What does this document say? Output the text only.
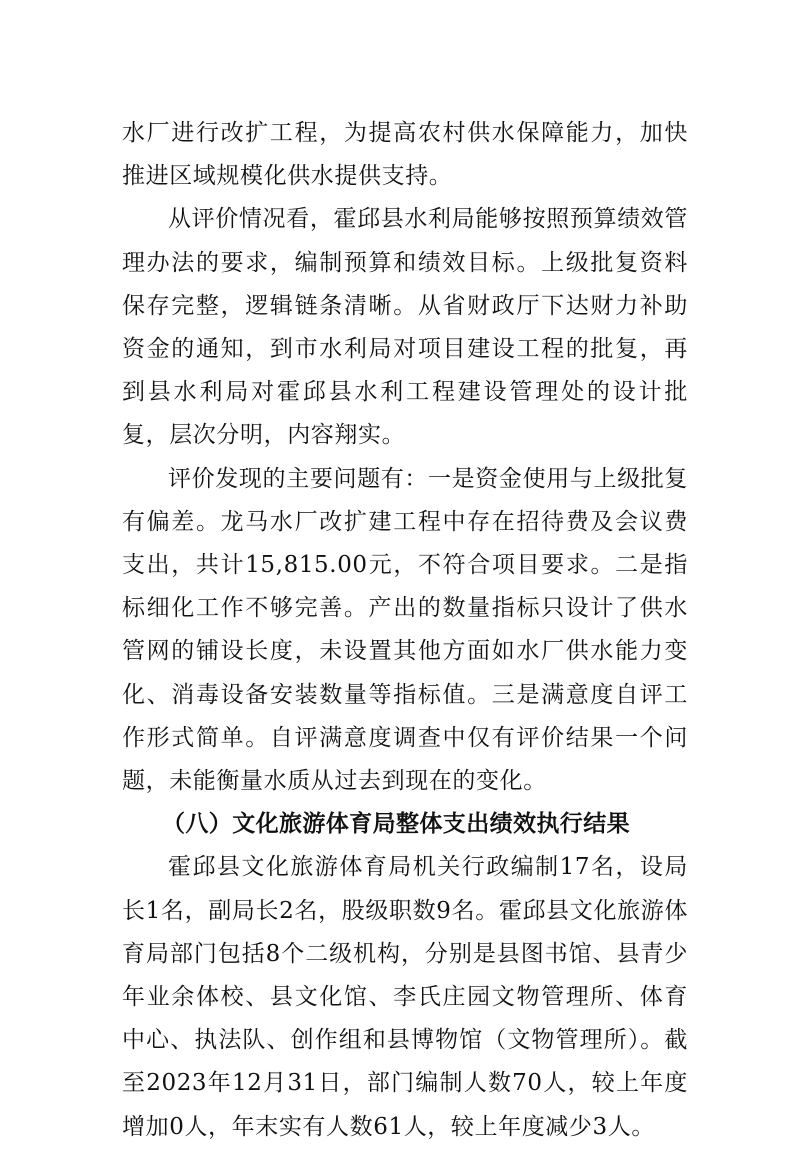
水厂进行改扩工程，为提高农村供水保障能力，加快推进区域规模化供水提供支持。

从评价情况看，霍邱县水利局能够按照预算绩效管理办法的要求，编制预算和绩效目标。上级批复资料保存完整，逻辑链条清晰。从省财政厅下达财力补助资金的通知，到市水利局对项目建设工程的批复，再到县水利局对霍邱县水利工程建设管理处的设计批复，层次分明，内容翔实。

评价发现的主要问题有：一是资金使用与上级批复有偏差。龙马水厂改扩建工程中存在招待费及会议费支出，共计15,815.00元，不符合项目要求。二是指标细化工作不够完善。产出的数量指标只设计了供水管网的铺设长度，未设置其他方面如水厂供水能力变化、消毒设备安装数量等指标值。三是满意度自评工作形式简单。自评满意度调查中仅有评价结果一个问题，未能衡量水质从过去到现在的变化。

（八）文化旅游体育局整体支出绩效执行结果

霍邱县文化旅游体育局机关行政编制17名，设局长1名，副局长2名，股级职数9名。霍邱县文化旅游体育局部门包括8个二级机构，分别是县图书馆、县青少年业余体校、县文化馆、李氏庄园文物管理所、体育中心、执法队、创作组和县博物馆（文物管理所）。截至2023年12月31日，部门编制人数70人，较上年度增加0人，年末实有人数61人，较上年度减少3人。
